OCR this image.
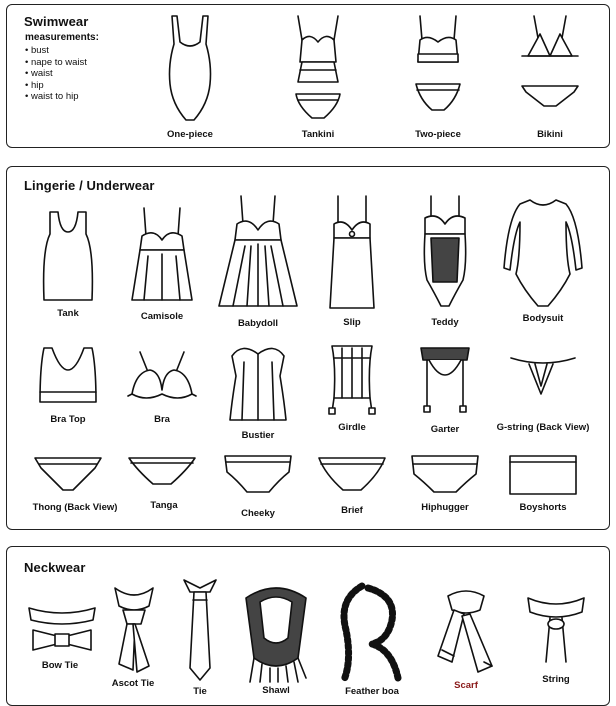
Swimwear
measurements:
• bust
• nape to waist
• waist
• hip
• waist to hip
One-piece	Tankini	Two-piece	Bikini
Lingerie / Underwear
Tank	Camisole
Babydoll	Slip	Teddy	Bodysuit
Bra Top	Bra
Bustier
Girdle	Garter	G-string (Back View)
Thong (Back View)	Tanga
Cheeky	Brief	Hiphugger	Boyshorts
Neckwear
Bow Tie
Ascot Tie
Tie	Shawl	Feather boa
Scarf
String
